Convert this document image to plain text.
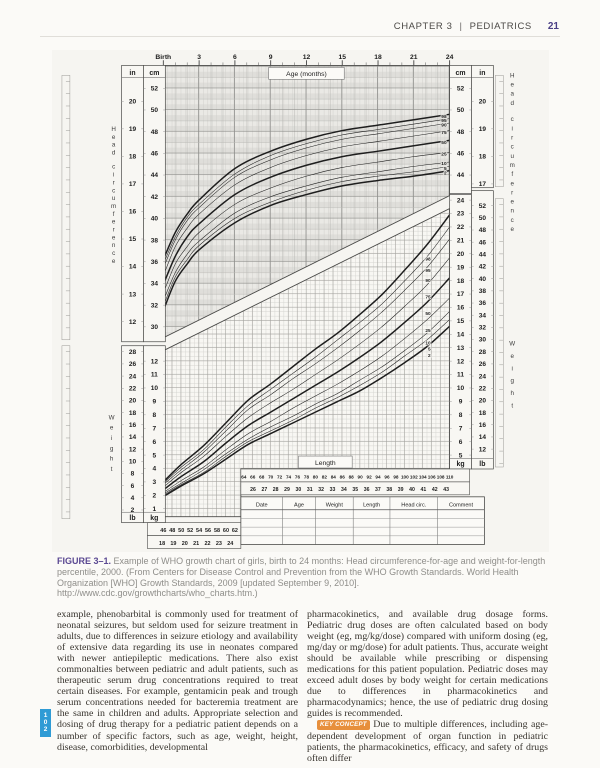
CHAPTER 3 | PEDIATRICS 21
Birth	3	6	9	12	15	18	21	24
98
95
90
75
50
25
10
5
2
98
95
90
75
50
25
10
5
2
in
20
19
18
17
16
15
14
13
12
cm
52
50
48
46
44
42
40
38
36
34
32
30
cm
52
50
48
46
44
in
20
19
18
17
lb
28
26
24
22
20
18
16
14
12
10
8
6
4
2
kg
12
11
10
9
8
7
6
5
4
3
2
1
kg
24
23
22
21
20
19
18
17
16
15
14
13
12
11
10
9
8
7
6
5
lb
52
50
48
46
44
42
40
38
36
34
32
30
28
26
24
22
20
18
16
14
12
64 66 68 70 72 74 76 78 80 82 84 86 88 90 92 94 96 98 100 102 104 106 108 110
26 27 28 29 30 31 32 33 34 35 36 37 38 39 40 41 42 43
46 48 50 52 54 56 58 60 62
18 19 20 21 22 23 24
Age (months)
Length
Date	Age	Weight	Length	Head circ.	Comment
H
e
a
d
c
i
r
c
u
m
f
e
r
e
n
c
e
H
e
a
d
c
i
r
c
u
m
f
e
r
e
n
c
e
W
e
i
g
h
t
W
e
i
g
h
t

FIGURE 3–1. Example of WHO growth chart of girls, birth to 24 months: Head circumference-for-age and weight-for-length percentile, 2000. (From Centers for Disease Control and Prevention from the WHO Growth Standards. World Health Organization [WHO] Growth Standards, 2009 [updated September 9, 2010]. http://www.cdc.gov/growthcharts/who_charts.htm.)

example, phenobarbital is commonly used for treatment of neonatal seizures, but seldom used for seizure treatment in adults, due to differences in seizure etiology and availability of extensive data regarding its use in neonates compared with newer antiepileptic medications. There also exist commonalties between pediatric and adult patients, such as therapeutic serum drug concentrations required to treat certain diseases. For example, gentamicin peak and trough serum concentrations needed for bacteremia treatment are the same in children and adults. Appropriate selection and dosing of drug therapy for a pediatric patient depends on a number of specific factors, such as age, weight, height, disease, comorbidities, developmental

pharmacokinetics, and available drug dosage forms. Pediatric drug doses are often calculated based on body weight (eg, mg/kg/dose) compared with uniform dosing (eg, mg/day or mg/dose) for adult patients. Thus, accurate weight should be available while prescribing or dispensing medications for this patient population. Pediatric doses may exceed adult doses by body weight for certain medications due to differences in pharmacokinetics and pharmacodynamics; hence, the use of pediatric drug dosing guides is recommended.

KEY CONCEPT Due to multiple differences, including age-dependent development of organ function in pediatric patients, the pharmacokinetics, efficacy, and safety of drugs often differ

1
0
2
